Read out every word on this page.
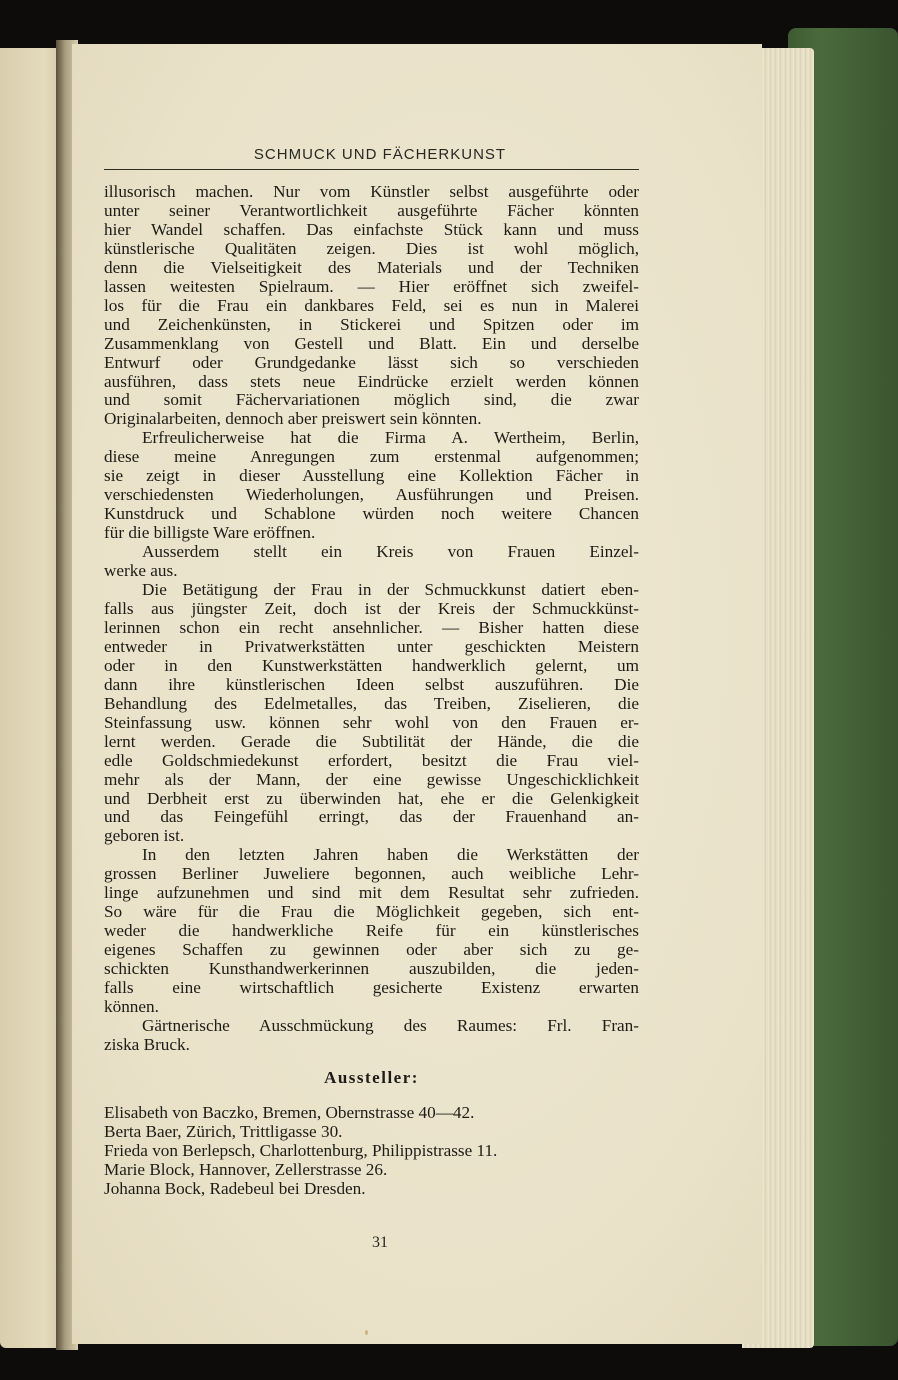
SCHMUCK UND FÄCHERKUNST

illusorisch machen. Nur vom Künstler selbst ausgeführte oder
unter seiner Verantwortlichkeit ausgeführte Fächer könnten
hier Wandel schaffen. Das einfachste Stück kann und muss
künstlerische Qualitäten zeigen. Dies ist wohl möglich,
denn die Vielseitigkeit des Materials und der Techniken
lassen weitesten Spielraum. — Hier eröffnet sich zweifel-
los für die Frau ein dankbares Feld, sei es nun in Malerei
und Zeichenkünsten, in Stickerei und Spitzen oder im
Zusammenklang von Gestell und Blatt. Ein und derselbe
Entwurf oder Grundgedanke lässt sich so verschieden
ausführen, dass stets neue Eindrücke erzielt werden können
und somit Fächervariationen möglich sind, die zwar
Originalarbeiten, dennoch aber preiswert sein könnten.

Erfreulicherweise hat die Firma A. Wertheim, Berlin,
diese meine Anregungen zum erstenmal aufgenommen;
sie zeigt in dieser Ausstellung eine Kollektion Fächer in
verschiedensten Wiederholungen, Ausführungen und Preisen.
Kunstdruck und Schablone würden noch weitere Chancen
für die billigste Ware eröffnen.

Ausserdem stellt ein Kreis von Frauen Einzel-
werke aus.

Die Betätigung der Frau in der Schmuckkunst datiert eben-
falls aus jüngster Zeit, doch ist der Kreis der Schmuckkünst-
lerinnen schon ein recht ansehnlicher. — Bisher hatten diese
entweder in Privatwerkstätten unter geschickten Meistern
oder in den Kunstwerkstätten handwerklich gelernt, um
dann ihre künstlerischen Ideen selbst auszuführen. Die
Behandlung des Edelmetalles, das Treiben, Ziselieren, die
Steinfassung usw. können sehr wohl von den Frauen er-
lernt werden. Gerade die Subtilität der Hände, die die
edle Goldschmiedekunst erfordert, besitzt die Frau viel-
mehr als der Mann, der eine gewisse Ungeschicklichkeit
und Derbheit erst zu überwinden hat, ehe er die Gelenkigkeit
und das Feingefühl erringt, das der Frauenhand an-
geboren ist.

In den letzten Jahren haben die Werkstätten der
grossen Berliner Juweliere begonnen, auch weibliche Lehr-
linge aufzunehmen und sind mit dem Resultat sehr zufrieden.
So wäre für die Frau die Möglichkeit gegeben, sich ent-
weder die handwerkliche Reife für ein künstlerisches
eigenes Schaffen zu gewinnen oder aber sich zu ge-
schickten Kunsthandwerkerinnen auszubilden, die jeden-
falls eine wirtschaftlich gesicherte Existenz erwarten
können.

Gärtnerische Ausschmückung des Raumes: Frl. Fran-
ziska Bruck.

Aussteller:
Elisabeth von Baczko, Bremen, Obernstrasse 40—42.
Berta Baer, Zürich, Trittligasse 30.
Frieda von Berlepsch, Charlottenburg, Philippistrasse 11.
Marie Block, Hannover, Zellerstrasse 26.
Johanna Bock, Radebeul bei Dresden.
31
